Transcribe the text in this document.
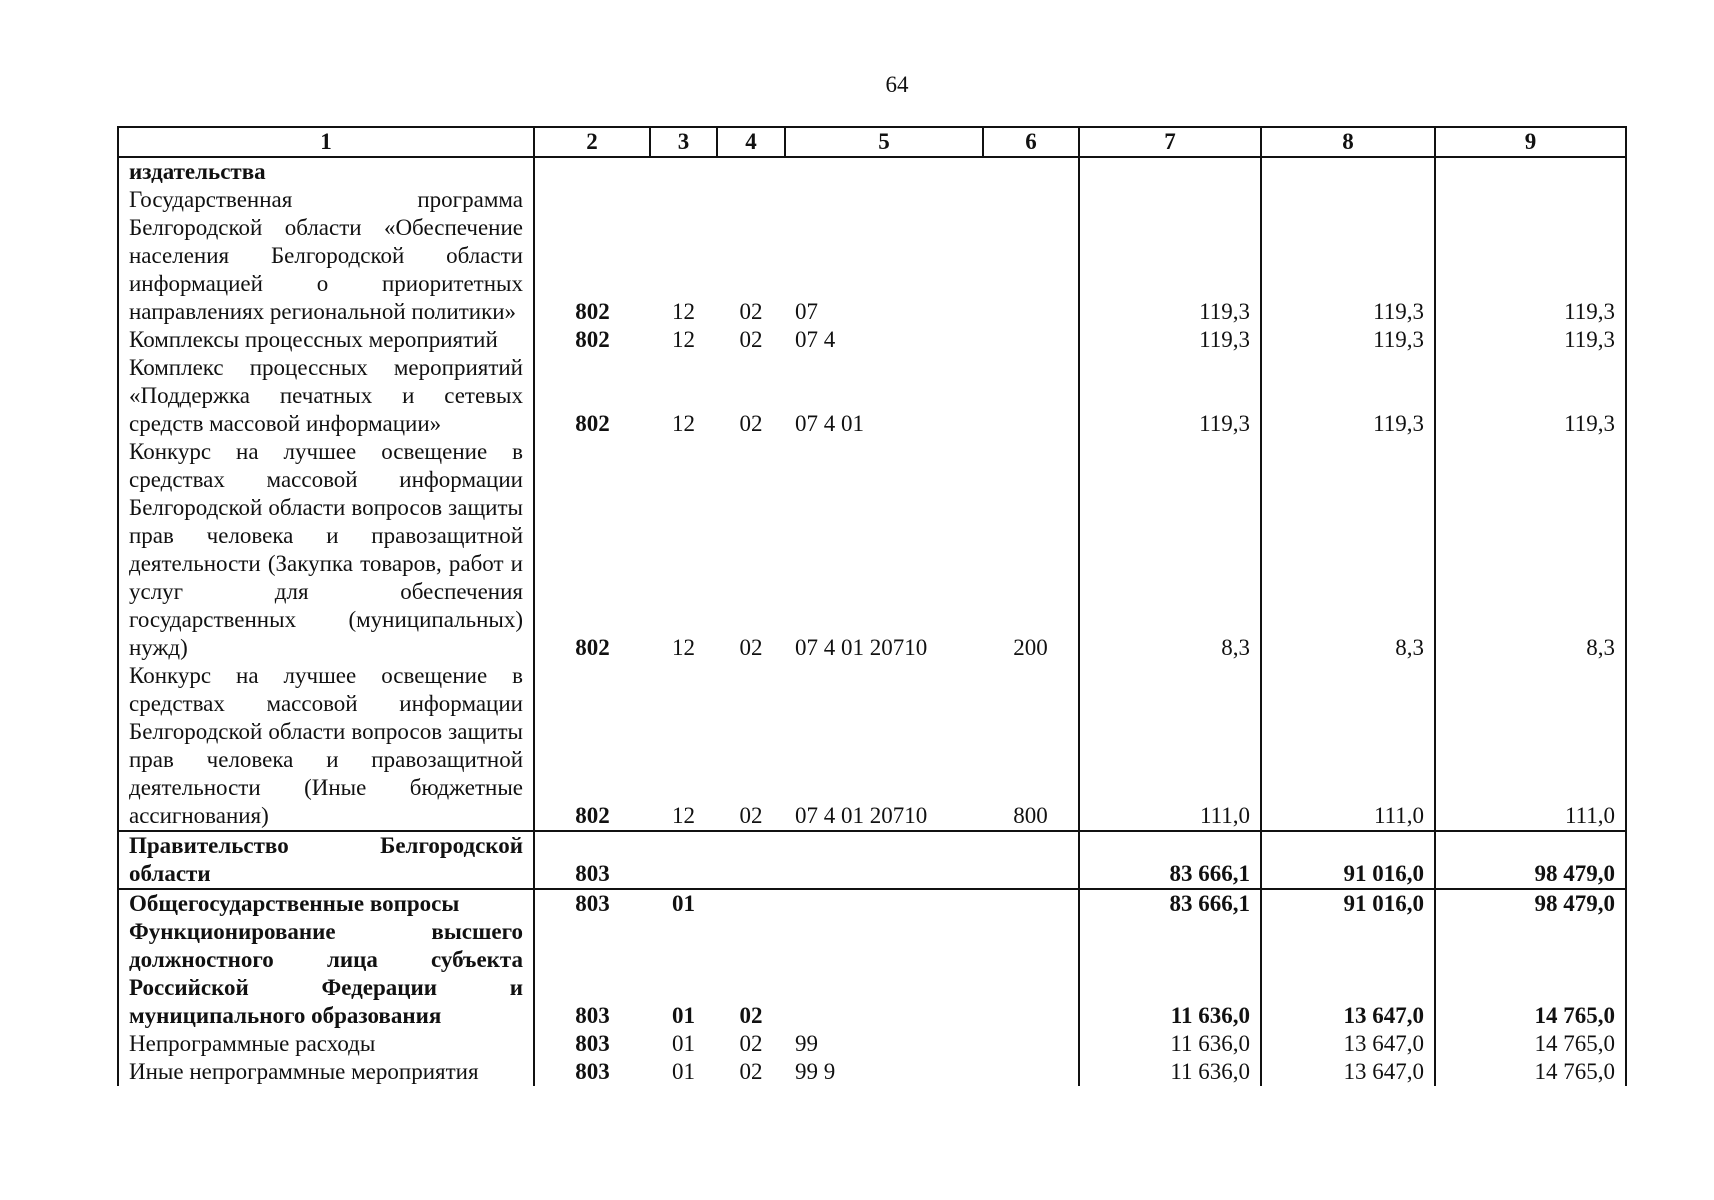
64
1	2	3	4	5	6	7	8	9
издательства								
Государственная программа Белгородской области «Обеспечение населения Белгородской области информацией о приоритетных направлениях региональной политики»	802	12	02	07		119,3	119,3	119,3
Комплексы процессных мероприятий	802	12	02	07 4		119,3	119,3	119,3
Комплекс процессных мероприятий «Поддержка печатных и сетевых средств массовой информации»	802	12	02	07 4 01		119,3	119,3	119,3
Конкурс на лучшее освещение в средствах массовой информации Белгородской области вопросов защиты прав человека и правозащитной деятельности (Закупка товаров, работ и услуг для обеспечения государственных (муниципальных) нужд)	802	12	02	07 4 01 20710	200	8,3	8,3	8,3
Конкурс на лучшее освещение в средствах массовой информации Белгородской области вопросов защиты прав человека и правозащитной деятельности (Иные бюджетные ассигнования)	802	12	02	07 4 01 20710	800	111,0	111,0	111,0
Правительство Белгородской области	803					83 666,1	91 016,0	98 479,0
Общегосударственные вопросы	803	01				83 666,1	91 016,0	98 479,0
Функционирование высшего должностного лица субъекта Российской Федерации и муниципального образования	803	01	02			11 636,0	13 647,0	14 765,0
Непрограммные расходы	803	01	02	99		11 636,0	13 647,0	14 765,0
Иные непрограммные мероприятия	803	01	02	99 9		11 636,0	13 647,0	14 765,0
